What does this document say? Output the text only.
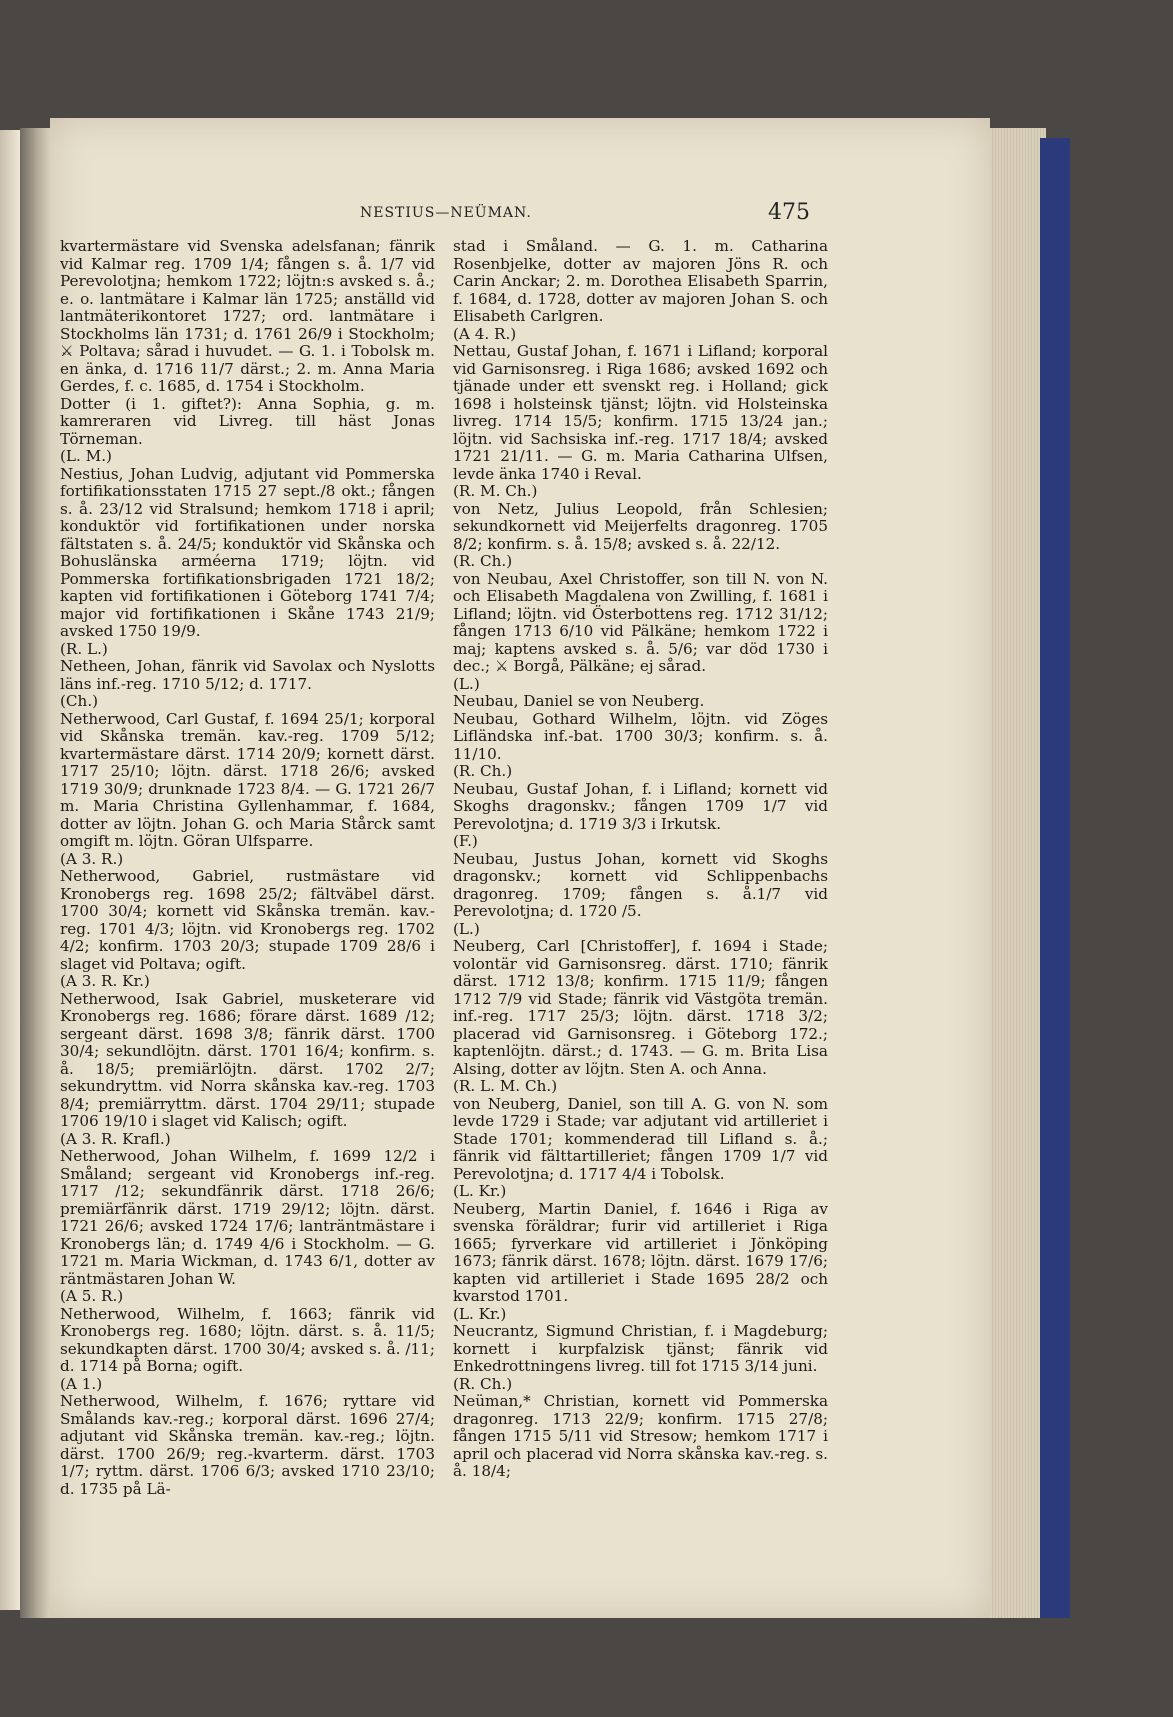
NESTIUS—NEÜMAN.	475

kvartermästare vid Svenska adelsfanan; fänrik vid Kalmar reg. 1709 1/4; fången s. å. 1/7 vid Perevolotjna; hemkom 1722; löjtn:s avsked s. å.; e. o. lantmätare i Kalmar län 1725; anställd vid lantmäterikontoret 1727; ord. lantmätare i Stockholms län 1731; d. 1761 26/9 i Stockholm; ⚔ Poltava; sårad i huvudet. — G. 1. i Tobolsk m. en änka, d. 1716 11/7 därst.; 2. m. Anna Maria Gerdes, f. c. 1685, d. 1754 i Stockholm.

Dotter (i 1. giftet?): Anna Sophia, g. m. kamreraren vid Livreg. till häst Jonas Törneman.

(L. M.)

Nestius, Johan Ludvig, adjutant vid Pommerska fortifikationsstaten 1715 27 sept./8 okt.; fången s. å. 23/12 vid Stralsund; hemkom 1718 i april; konduktör vid fortifikationen under norska fältstaten s. å. 24/5; konduktör vid Skånska och Bohuslänska arméerna 1719; löjtn. vid Pommerska fortifikationsbrigaden 1721 18/2; kapten vid fortifikationen i Göteborg 1741 7/4; major vid fortifikationen i Skåne 1743 21/9; avsked 1750 19/9.

(R. L.)

Netheen, Johan, fänrik vid Savolax och Nyslotts läns inf.-reg. 1710 5/12; d. 1717.

(Ch.)

Netherwood, Carl Gustaf, f. 1694 25/1; korporal vid Skånska tremän. kav.-reg. 1709 5/12; kvartermästare därst. 1714 20/9; kornett därst. 1717 25/10; löjtn. därst. 1718 26/6; avsked 1719 30/9; drunknade 1723 8/4. — G. 1721 26/7 m. Maria Christina Gyllenhammar, f. 1684, dotter av löjtn. Johan G. och Maria Stårck samt omgift m. löjtn. Göran Ulfsparre.

(A 3. R.)

Netherwood, Gabriel, rustmästare vid Kronobergs reg. 1698 25/2; fältväbel därst. 1700 30/4; kornett vid Skånska tremän. kav.-reg. 1701 4/3; löjtn. vid Kronobergs reg. 1702 4/2; konfirm. 1703 20/3; stupade 1709 28/6 i slaget vid Poltava; ogift.

(A 3. R. Kr.)

Netherwood, Isak Gabriel, musketerare vid Kronobergs reg. 1686; förare därst. 1689 /12; sergeant därst. 1698 3/8; fänrik därst. 1700 30/4; sekundlöjtn. därst. 1701 16/4; konfirm. s. å. 18/5; premiärlöjtn. därst. 1702 2/7; sekundryttm. vid Norra skånska kav.-reg. 1703 8/4; premiärryttm. därst. 1704 29/11; stupade 1706 19/10 i slaget vid Kalisch; ogift.

(A 3. R. Krafl.)

Netherwood, Johan Wilhelm, f. 1699 12/2 i Småland; sergeant vid Kronobergs inf.-reg. 1717 /12; sekundfänrik därst. 1718 26/6; premiärfänrik därst. 1719 29/12; löjtn. därst. 1721 26/6; avsked 1724 17/6; lanträntmästare i Kronobergs län; d. 1749 4/6 i Stockholm. — G. 1721 m. Maria Wickman, d. 1743 6/1, dotter av räntmästaren Johan W.

(A 5. R.)

Netherwood, Wilhelm, f. 1663; fänrik vid Kronobergs reg. 1680; löjtn. därst. s. å. 11/5; sekundkapten därst. 1700 30/4; avsked s. å. /11; d. 1714 på Borna; ogift.

(A 1.)

Netherwood, Wilhelm, f. 1676; ryttare vid Smålands kav.-reg.; korporal därst. 1696 27/4; adjutant vid Skånska tremän. kav.-reg.; löjtn. därst. 1700 26/9; reg.-kvarterm. därst. 1703 1/7; ryttm. därst. 1706 6/3; avsked 1710 23/10; d. 1735 på Lä-

stad i Småland. — G. 1. m. Catharina Rosenbjelke, dotter av majoren Jöns R. och Carin Anckar; 2. m. Dorothea Elisabeth Sparrin, f. 1684, d. 1728, dotter av majoren Johan S. och Elisabeth Carlgren.

(A 4. R.)

Nettau, Gustaf Johan, f. 1671 i Lifland; korporal vid Garnisonsreg. i Riga 1686; avsked 1692 och tjänade under ett svenskt reg. i Holland; gick 1698 i holsteinsk tjänst; löjtn. vid Holsteinska livreg. 1714 15/5; konfirm. 1715 13/24 jan.; löjtn. vid Sachsiska inf.-reg. 1717 18/4; avsked 1721 21/11. — G. m. Maria Catharina Ulfsen, levde änka 1740 i Reval.

(R. M. Ch.)

von Netz, Julius Leopold, från Schlesien; sekundkornett vid Meijerfelts dragonreg. 1705 8/2; konfirm. s. å. 15/8; avsked s. å. 22/12.

(R. Ch.)

von Neubau, Axel Christoffer, son till N. von N. och Elisabeth Magdalena von Zwilling, f. 1681 i Lifland; löjtn. vid Österbottens reg. 1712 31/12; fången 1713 6/10 vid Pälkäne; hemkom 1722 i maj; kaptens avsked s. å. 5/6; var död 1730 i dec.; ⚔ Borgå, Pälkäne; ej sårad.

(L.)

Neubau, Daniel se von Neuberg.

Neubau, Gothard Wilhelm, löjtn. vid Zöges Lifländska inf.-bat. 1700 30/3; konfirm. s. å. 11/10.

(R. Ch.)

Neubau, Gustaf Johan, f. i Lifland; kornett vid Skoghs dragonskv.; fången 1709 1/7 vid Perevolotjna; d. 1719 3/3 i Irkutsk.

(F.)

Neubau, Justus Johan, kornett vid Skoghs dragonskv.; kornett vid Schlippenbachs dragonreg. 1709; fången s. å.1/7 vid Perevolotjna; d. 1720 /5.

(L.)

Neuberg, Carl [Christoffer], f. 1694 i Stade; volontär vid Garnisonsreg. därst. 1710; fänrik därst. 1712 13/8; konfirm. 1715 11/9; fången 1712 7/9 vid Stade; fänrik vid Västgöta tremän. inf.-reg. 1717 25/3; löjtn. därst. 1718 3/2; placerad vid Garnisonsreg. i Göteborg 172.; kaptenlöjtn. därst.; d. 1743. — G. m. Brita Lisa Alsing, dotter av löjtn. Sten A. och Anna.

(R. L. M. Ch.)

von Neuberg, Daniel, son till A. G. von N. som levde 1729 i Stade; var adjutant vid artilleriet i Stade 1701; kommenderad till Lifland s. å.; fänrik vid fälttartilleriet; fången 1709 1/7 vid Perevolotjna; d. 1717 4/4 i Tobolsk.

(L. Kr.)

Neuberg, Martin Daniel, f. 1646 i Riga av svenska föräldrar; furir vid artilleriet i Riga 1665; fyrverkare vid artilleriet i Jönköping 1673; fänrik därst. 1678; löjtn. därst. 1679 17/6; kapten vid artilleriet i Stade 1695 28/2 och kvarstod 1701.

(L. Kr.)

Neucrantz, Sigmund Christian, f. i Magdeburg; kornett i kurpfalzisk tjänst; fänrik vid Enkedrottningens livreg. till fot 1715 3/14 juni.

(R. Ch.)

Neüman,* Christian, kornett vid Pommerska dragonreg. 1713 22/9; konfirm. 1715 27/8; fången 1715 5/11 vid Stresow; hemkom 1717 i april och placerad vid Norra skånska kav.-reg. s. å. 18/4;
